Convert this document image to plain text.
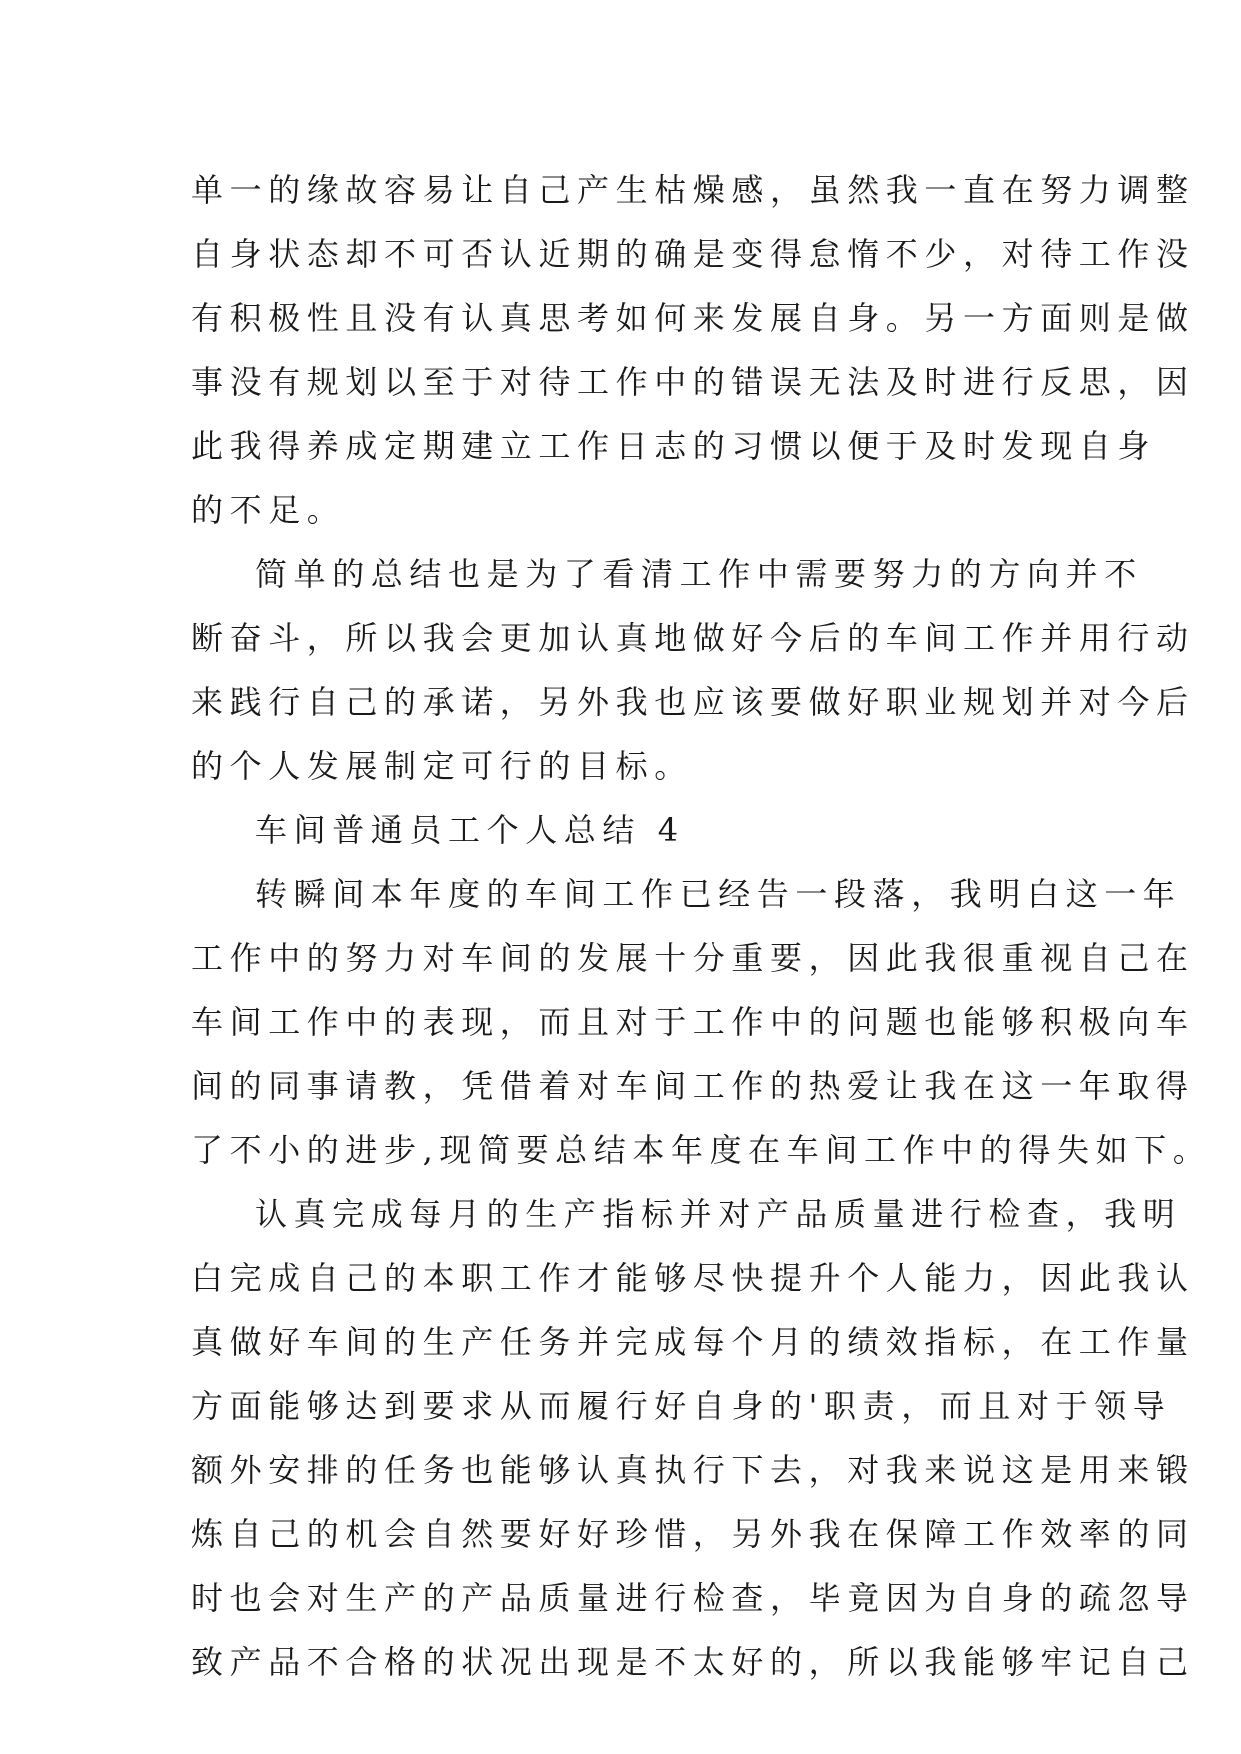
单一的缘故容易让自己产生枯燥感，虽然我一直在努力调整
自身状态却不可否认近期的确是变得怠惰不少，对待工作没
有积极性且没有认真思考如何来发展自身。另一方面则是做
事没有规划以至于对待工作中的错误无法及时进行反思，因
此我得养成定期建立工作日志的习惯以便于及时发现自身
的不足。
简单的总结也是为了看清工作中需要努力的方向并不
断奋斗，所以我会更加认真地做好今后的车间工作并用行动
来践行自己的承诺，另外我也应该要做好职业规划并对今后
的个人发展制定可行的目标。
车间普通员工个人总结 4
转瞬间本年度的车间工作已经告一段落，我明白这一年
工作中的努力对车间的发展十分重要，因此我很重视自己在
车间工作中的表现，而且对于工作中的问题也能够积极向车
间的同事请教，凭借着对车间工作的热爱让我在这一年取得
了不小的进步,现简要总结本年度在车间工作中的得失如下。
认真完成每月的生产指标并对产品质量进行检查，我明
白完成自己的本职工作才能够尽快提升个人能力，因此我认
真做好车间的生产任务并完成每个月的绩效指标，在工作量
方面能够达到要求从而履行好自身的'职责，而且对于领导
额外安排的任务也能够认真执行下去，对我来说这是用来锻
炼自己的机会自然要好好珍惜，另外我在保障工作效率的同
时也会对生产的产品质量进行检查，毕竟因为自身的疏忽导
致产品不合格的状况出现是不太好的，所以我能够牢记自己
